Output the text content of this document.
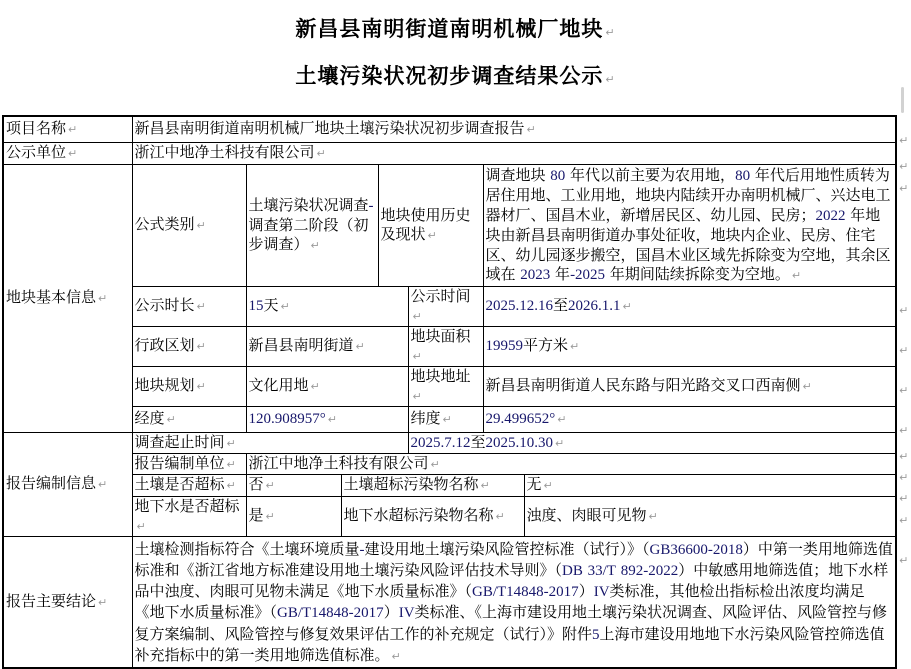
新昌县南明街道南明机械厂地块 ↵
土壤污染状况初步调查结果公示 ↵
项目名称 ↵	新昌县南明街道南明机械厂地块土壤污染状况初步调查报告 ↵						
公示单位 ↵	浙江中地净土科技有限公司 ↵						
地块基本信息 ↵	公式类别 ↵	土壤污染状况调查-调查第二阶段（初步调查） ↵		地块使用历史及现状 ↵		调查地块 80 年代以前主要为农用地，80 年代后用地性质转为居住用地、工业用地，地块内陆续开办南明机械厂、兴达电工器材厂、国昌木业，新增居民区、幼儿园、民房；2022 年地块由新昌县南明街道办事处征收，地块内企业、民房、住宅区、幼儿园逐步搬空，国昌木业区域先拆除变为空地，其余区域在 2023 年-2025 年期间陆续拆除变为空地。 ↵	
	公示时长 ↵	15天 ↵			公示时间↵	2025.12.16至2026.1.1 ↵	
	行政区划 ↵	新昌县南明街道 ↵			地块面积↵	19959平方米 ↵	
	地块规划 ↵	文化用地 ↵			地块地址↵	新昌县南明街道人民东路与阳光路交叉口西南侧 ↵	
	经度 ↵	120.908957° ↵			纬度 ↵	29.499652° ↵	
报告编制信息 ↵	调查起止时间 ↵				2025.7.12至2025.10.30 ↵		
	报告编制单位 ↵	浙江中地净土科技有限公司 ↵					
	土壤是否超标 ↵	否 ↵	土壤超标污染物名称 ↵				无 ↵
	地下水是否超标↵	是 ↵	地下水超标污染物名称 ↵				浊度、肉眼可见物 ↵
报告主要结论 ↵	土壤检测指标符合《土壤环境质量-建设用地土壤污染风险管控标准（试行）》（GB36600-2018）中第一类用地筛选值标准和《浙江省地方标准建设用地土壤污染风险评估技术导则》（DB 33/T 892-2022）中敏感用地筛选值；地下水样品中浊度、肉眼可见物未满足《地下水质量标准》（GB/T14848-2017）IV类标准，其他检出指标检出浓度均满足《地下水质量标准》（GB/T14848-2017）IV类标准、《上海市建设用地土壤污染状况调查、风险评估、风险管控与修复方案编制、风险管控与修复效果评估工作的补充规定（试行）》附件5上海市建设用地地下水污染风险管控筛选值补充指标中的第一类用地筛选值标准。 ↵						
↵
↵
↵
↵
↵
↵
↵
↵
↵
↵
↵
↵
